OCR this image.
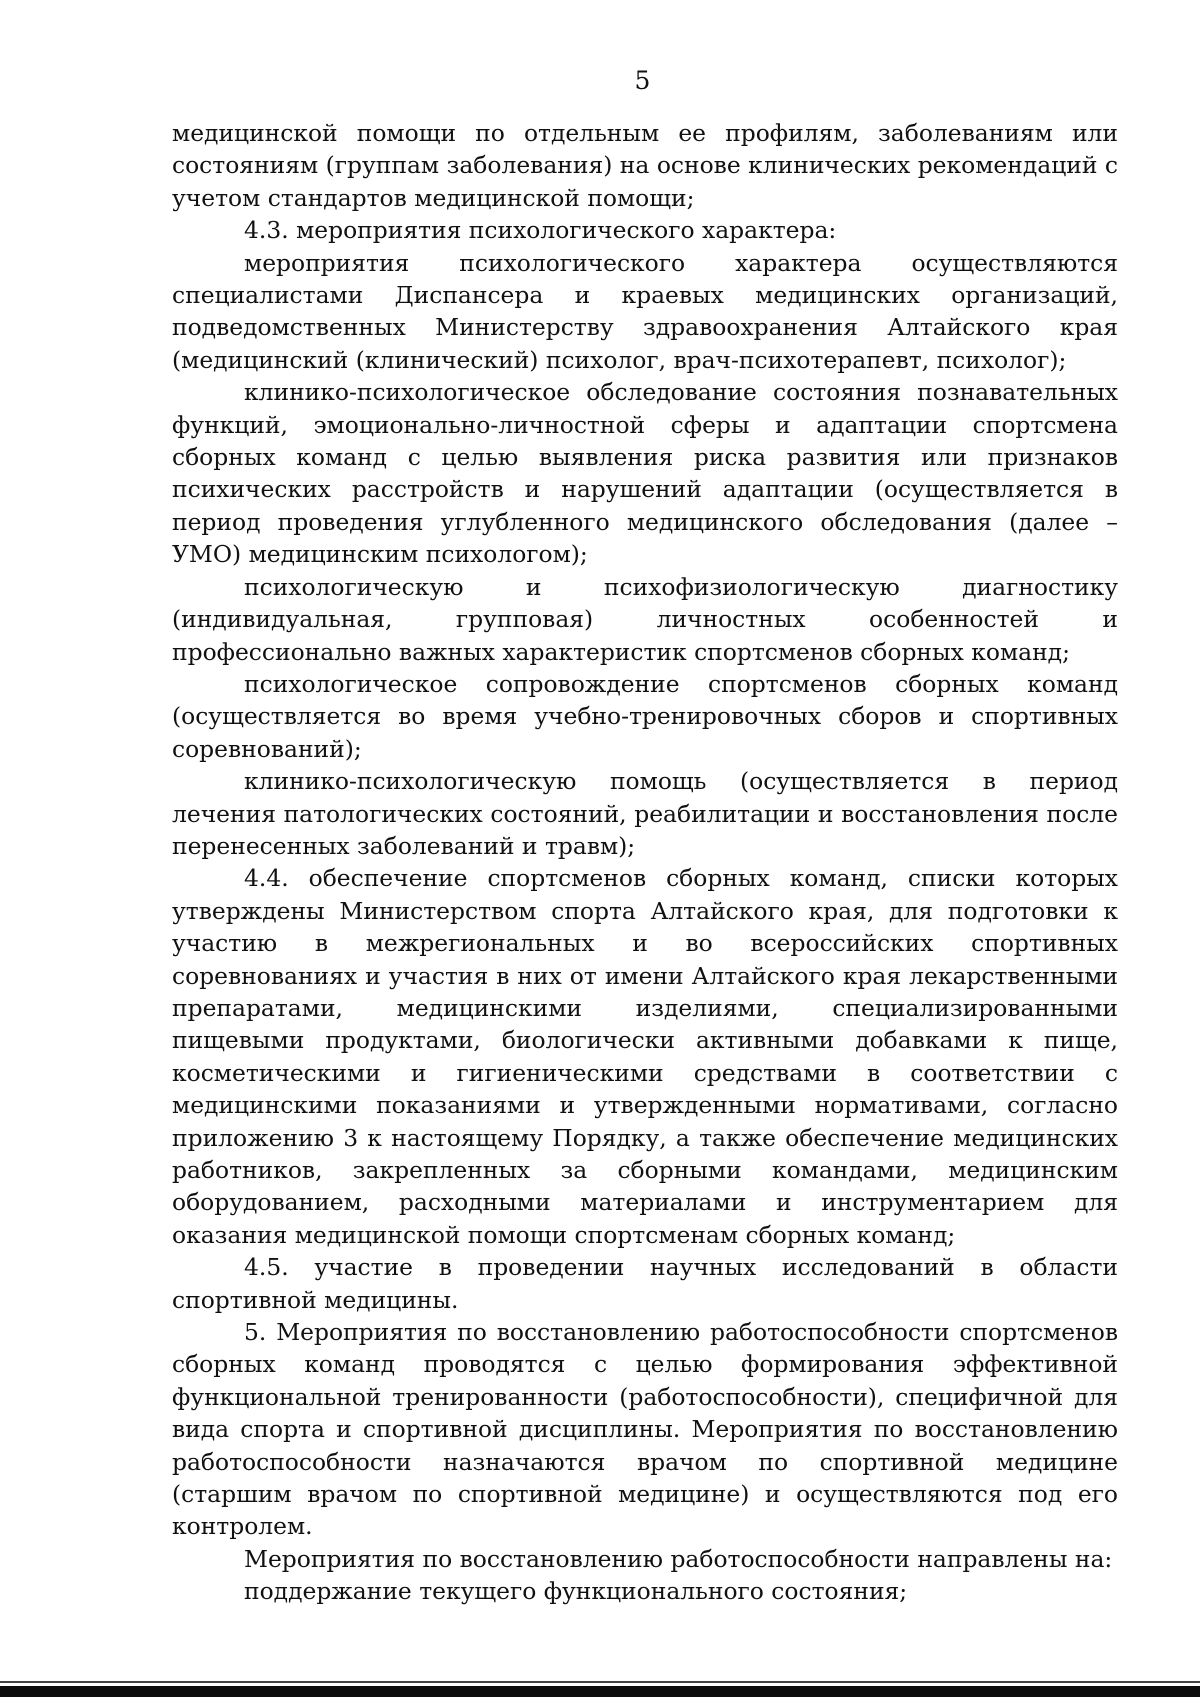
5

медицинской помощи по отдельным ее профилям, заболеваниям или состояниям (группам заболевания) на основе клинических рекомендаций с учетом стандартов медицинской помощи;

4.3. мероприятия психологического характера:

мероприятия психологического характера осуществляются специалистами Диспансера и краевых медицинских организаций, подведомственных Министерству здравоохранения Алтайского края (медицинский (клинический) психолог, врач-психотерапевт, психолог);

клинико-психологическое обследование состояния познавательных функций, эмоционально-личностной сферы и адаптации спортсмена сборных команд с целью выявления риска развития или признаков психических расстройств и нарушений адаптации (осуществляется в период проведения углубленного медицинского обследования (далее – УМО) медицинским психологом);

психологическую и психофизиологическую диагностику (индивидуальная, групповая) личностных особенностей и профессионально важных характеристик спортсменов сборных команд;

психологическое сопровождение спортсменов сборных команд (осуществляется во время учебно-тренировочных сборов и спортивных соревнований);

клинико-психологическую помощь (осуществляется в период лечения патологических состояний, реабилитации и восстановления после перенесенных заболеваний и травм);

4.4. обеспечение спортсменов сборных команд, списки которых утверждены Министерством спорта Алтайского края, для подготовки к участию в межрегиональных и во всероссийских спортивных соревнованиях и участия в них от имени Алтайского края лекарственными препаратами, медицинскими изделиями, специализированными пищевыми продуктами, биологически активными добавками к пище, косметическими и гигиеническими средствами в соответствии с медицинскими показаниями и утвержденными нормативами, согласно приложению 3 к настоящему Порядку, а также обеспечение медицинских работников, закрепленных за сборными командами, медицинским оборудованием, расходными материалами и инструментарием для оказания медицинской помощи спортсменам сборных команд;

4.5. участие в проведении научных исследований в области спортивной медицины.

5. Мероприятия по восстановлению работоспособности спортсменов сборных команд проводятся с целью формирования эффективной функциональной тренированности (работоспособности), специфичной для вида спорта и спортивной дисциплины. Мероприятия по восстановлению работоспособности назначаются врачом по спортивной медицине (старшим врачом по спортивной медицине) и осуществляются под его контролем.

Мероприятия по восстановлению работоспособности направлены на:

поддержание текущего функционального состояния;
